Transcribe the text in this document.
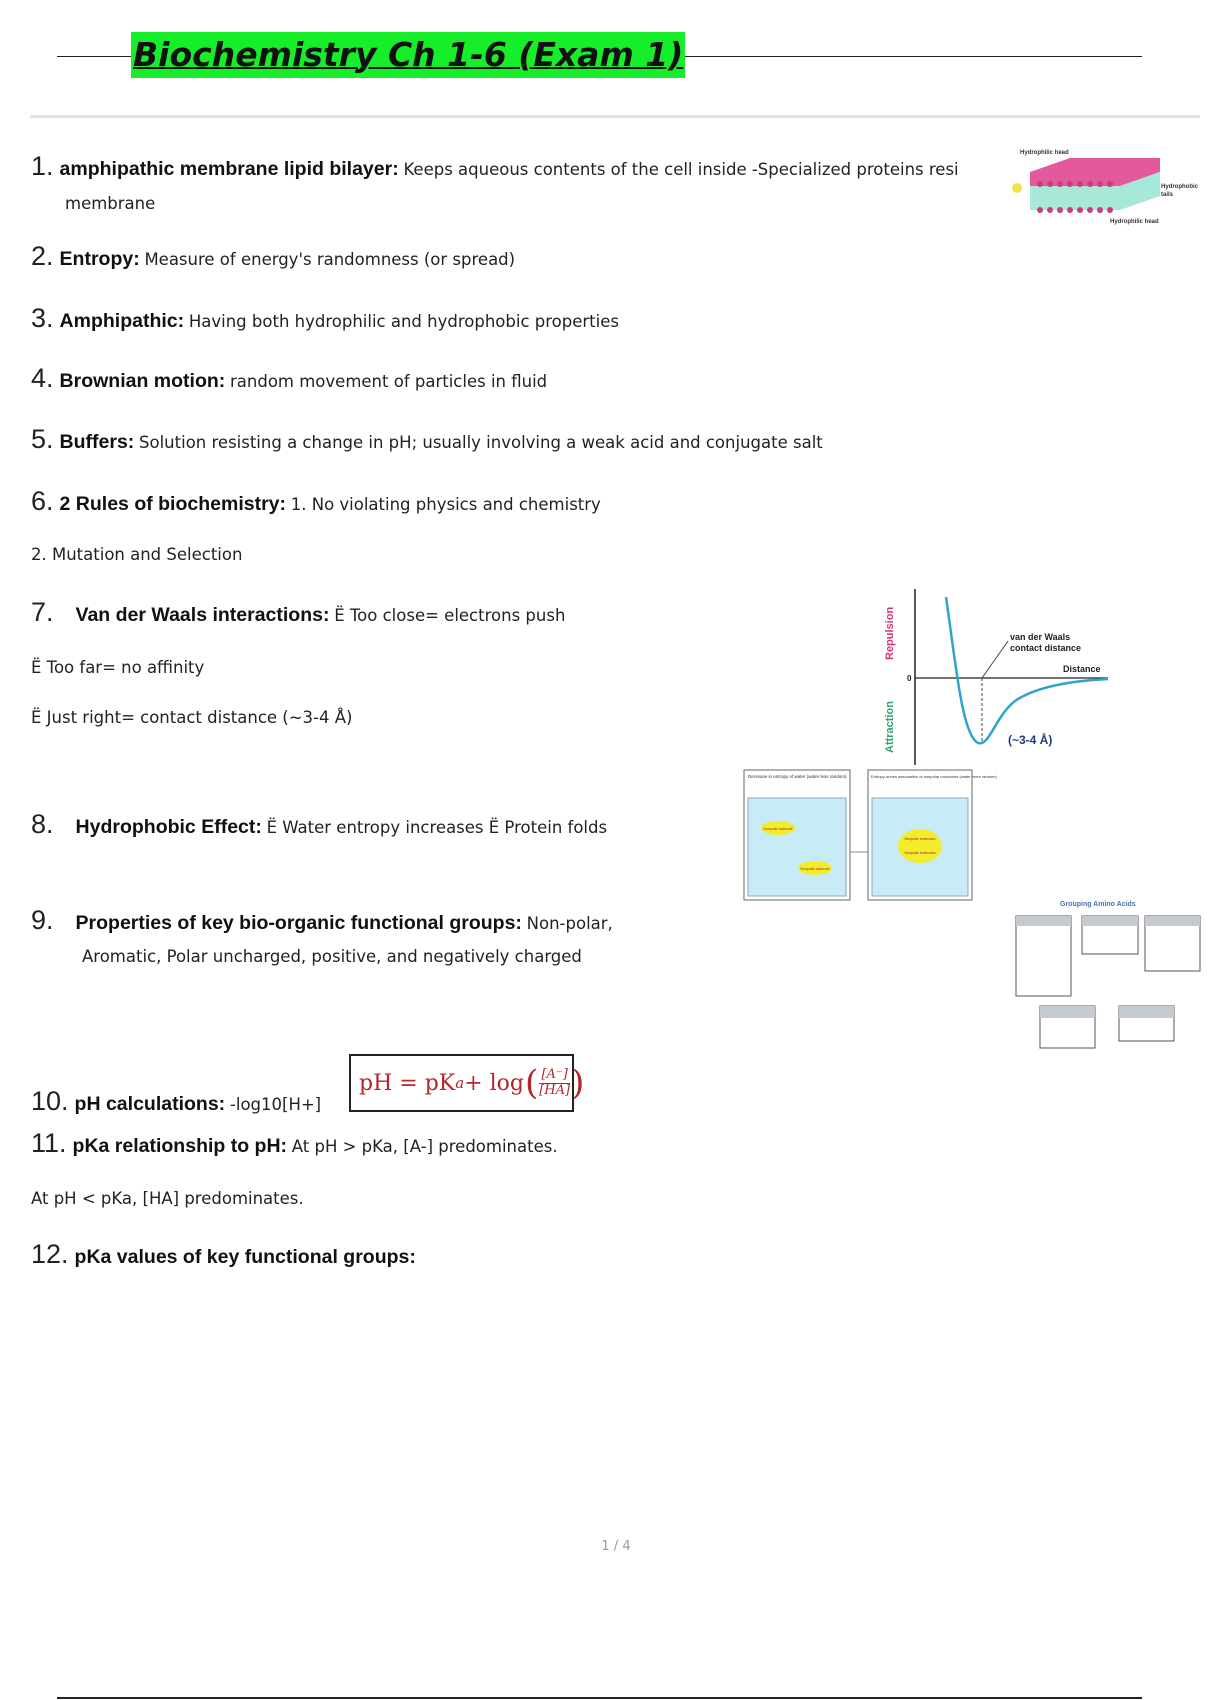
Biochemistry Ch 1-6 (Exam 1)
1. amphipathic membrane lipid bilayer: Keeps aqueous contents of the cell inside -Specialized proteins resi
membrane
2. Entropy: Measure of energy's randomness (or spread)
3. Amphipathic: Having both hydrophilic and hydrophobic properties
4. Brownian motion: random movement of particles in fluid
5. Buffers: Solution resisting a change in pH; usually involving a weak acid and conjugate salt
6. 2 Rules of biochemistry: 1. No violating physics and chemistry
2. Mutation and Selection
7. Van der Waals interactions: Ë Too close= electrons push
Ë Too far= no affinity
Ë Just right= contact distance (~3-4 Å)
8. Hydrophobic Effect: Ë Water entropy increases Ë Protein folds
9. Properties of key bio-organic functional groups: Non-polar,
Aromatic, Polar uncharged, positive, and negatively charged
10. pH calculations: -log10[H+]
pH = pK a + log ( $\frac{[A^-]}{[HA]}$ )
11. pKa relationship to pH: At pH > pKa, [A-] predominates.
At pH < pKa, [HA] predominates.
12. pKa values of key functional groups:
Hydrophilic head
Hydrophobic
tails
Hydrophilic head
Repulsion
Attraction
0
van der Waals
contact distance
Distance
(~3-4 Å)
Decrease in entropy of water (water less random)
Nonpolar molecule
Nonpolar molecule
Entropy-driven association of nonpolar molecules (water more random)
Nonpolar molecules
Nonpolar molecules
Grouping Amino Acids
1 / 4
